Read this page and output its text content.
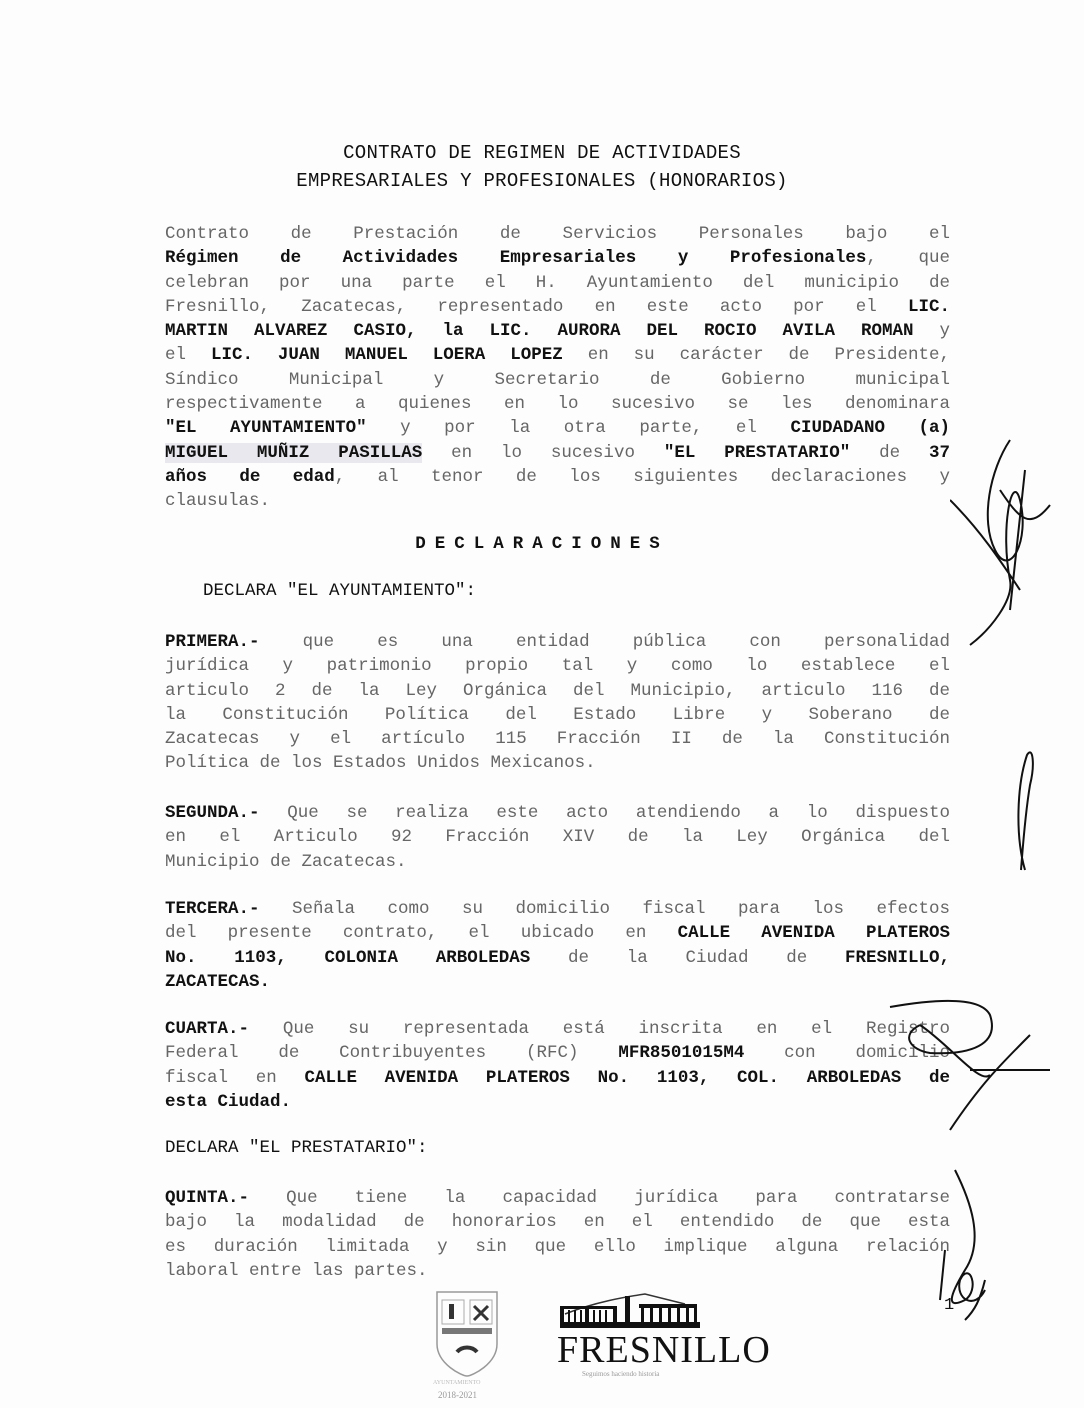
CONTRATO DE REGIMEN DE ACTIVIDADES
EMPRESARIALES Y PROFESIONALES (HONORARIOS)
Contrato de Prestación de Servicios Personales bajo el
Régimen de Actividades Empresariales y Profesionales, que
celebran por una parte el H. Ayuntamiento del municipio de
Fresnillo, Zacatecas, representado en este acto por el LIC.
MARTIN ALVAREZ CASIO, la LIC. AURORA DEL ROCIO AVILA ROMAN y
el LIC. JUAN MANUEL LOERA LOPEZ en su carácter de Presidente,
Síndico Municipal y Secretario de Gobierno municipal
respectivamente a quienes en lo sucesivo se les denominara
"EL AYUNTAMIENTO" y por la otra parte, el CIUDADANO (a)
MIGUEL MUÑIZ PASILLAS en lo sucesivo "EL PRESTATARIO" de 37
años de edad, al tenor de los siguientes declaraciones y
clausulas.
DECLARACIONES
DECLARA "EL AYUNTAMIENTO":
PRIMERA.- que es una entidad pública con personalidad
jurídica y patrimonio propio tal y como lo establece el
articulo 2 de la Ley Orgánica del Municipio, articulo 116 de
la Constitución Política del Estado Libre y Soberano de
Zacatecas y el artículo 115 Fracción II de la Constitución
Política de los Estados Unidos Mexicanos.
SEGUNDA.- Que se realiza este acto atendiendo a lo dispuesto
en el Articulo 92 Fracción XIV de la Ley Orgánica del
Municipio de Zacatecas.
TERCERA.- Señala como su domicilio fiscal para los efectos
del presente contrato, el ubicado en CALLE AVENIDA PLATEROS
No. 1103, COLONIA ARBOLEDAS de la Ciudad de FRESNILLO,
ZACATECAS.
CUARTA.- Que su representada está inscrita en el Registro
Federal de Contribuyentes (RFC) MFR8501015M4 con domicilio
fiscal en CALLE AVENIDA PLATEROS No. 1103, COL. ARBOLEDAS de
esta Ciudad.
DECLARA "EL PRESTATARIO":
QUINTA.- Que tiene la capacidad jurídica para contratarse
bajo la modalidad de honorarios en el entendido de que esta
es duración limitada y sin que ello implique alguna relación
laboral entre las partes.
1
AYUNTAMIENTO
2018-2021
FRESNILLO
Seguimos haciendo historia
